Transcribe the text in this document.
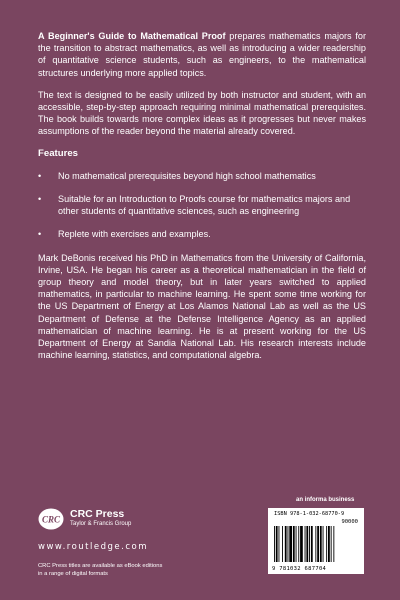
A Beginner's Guide to Mathematical Proof prepares mathematics majors for the transition to abstract mathematics, as well as introducing a wider readership of quantitative science students, such as engineers, to the mathematical structures underlying more applied topics.

The text is designed to be easily utilized by both instructor and student, with an accessible, step-by-step approach requiring minimal mathematical prerequisites. The book builds towards more complex ideas as it progresses but never makes assumptions of the reader beyond the material already covered.

Features
• No mathematical prerequisites beyond high school mathematics
• Suitable for an Introduction to Proofs course for mathematics majors and other students of quantitative sciences, such as engineering
• Replete with exercises and examples.

Mark DeBonis received his PhD in Mathematics from the University of California, Irvine, USA. He began his career as a theoretical mathematician in the field of group theory and model theory, but in later years switched to applied mathematics, in particular to machine learning. He spent some time working for the US Department of Energy at Los Alamos National Lab as well as the US Department of Defense at the Defense Intelligence Agency as an applied mathematician of machine learning. He is at present working for the US Department of Energy at Sandia National Lab. His research interests include machine learning, statistics, and computational algebra.

CRC CRC Press
Taylor & Francis Group
www.routledge.com
CRC Press titles are available as eBook editions in a range of digital formats
an informa business
ISBN 978-1-032-68770-9
90000
9 781032 687704
